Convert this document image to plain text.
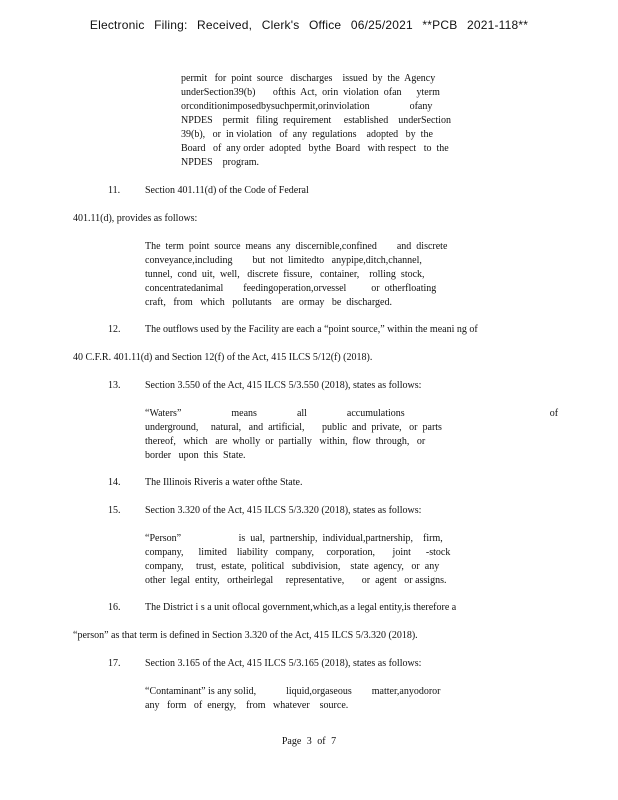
Electronic Filing: Received, Clerk's Office 06/25/2021 **PCB 2021-118**
permit   for  point  source   discharges    issued  by  the  Agency
underSection39(b)       ofthis  Act,  orin  violation  ofan      yterm
orconditionimposedbysuchpermit,orinviolation                ofany
NPDES    permit   filing  requirement     established    underSection
39(b),   or  in violation   of  any  regulations    adopted   by  the
Board   of  any order  adopted   bythe  Board   with respect   to  the
NPDES    program.
11. Section 401.11(d) of the Code of Federal
401.11(d), provides as follows:
The  term  point  source  means  any  discernible,confined        and  discrete
conveyance,including        but  not  limitedto   anypipe,ditch,channel,
tunnel,  cond  uit,  well,   discrete  fissure,   container,    rolling  stock,
concentratedanimal        feedingoperation,orvessel          or  otherfloating
craft,   from   which   pollutants    are  ormay   be  discharged.
12. The outflows used by the Facility are each a “point source,” within the meani ng of
40 C.F.R. 401.11(d) and Section 12(f) of the Act, 415 ILCS 5/12(f) (2018).
13. Section 3.550 of the Act, 415 ILCS 5/3.550 (2018), states as follows:
“Waters”                    means                all                accumulations                                                          of
underground,     natural,   and  artificial,       public  and  private,   or  parts
thereof,   which   are  wholly  or  partially   within,  flow  through,   or
border   upon  this  State.
14. The Illinois Riveris a water ofthe State.
15. Section 3.320 of the Act, 415 ILCS 5/3.320 (2018), states as follows:
“Person”                       is  ual,  partnership,  individual,partnership,    firm,
company,      limited    liability   company,     corporation,       joint      -stock
company,     trust,  estate,  political   subdivision,    state  agency,   or  any
other  legal  entity,   ortheirlegal     representative,       or  agent   or assigns.
16. The District i s a unit oflocal government,which,as a legal entity,is therefore a
“person” as that term is defined in Section 3.320 of the Act, 415 ILCS 5/3.320 (2018).
17. Section 3.165 of the Act, 415 ILCS 5/3.165 (2018), states as follows:
“Contaminant” is any solid,            liquid,orgaseous        matter,anyodoror
any   form   of  energy,    from   whatever    source.
Page 3 of 7
